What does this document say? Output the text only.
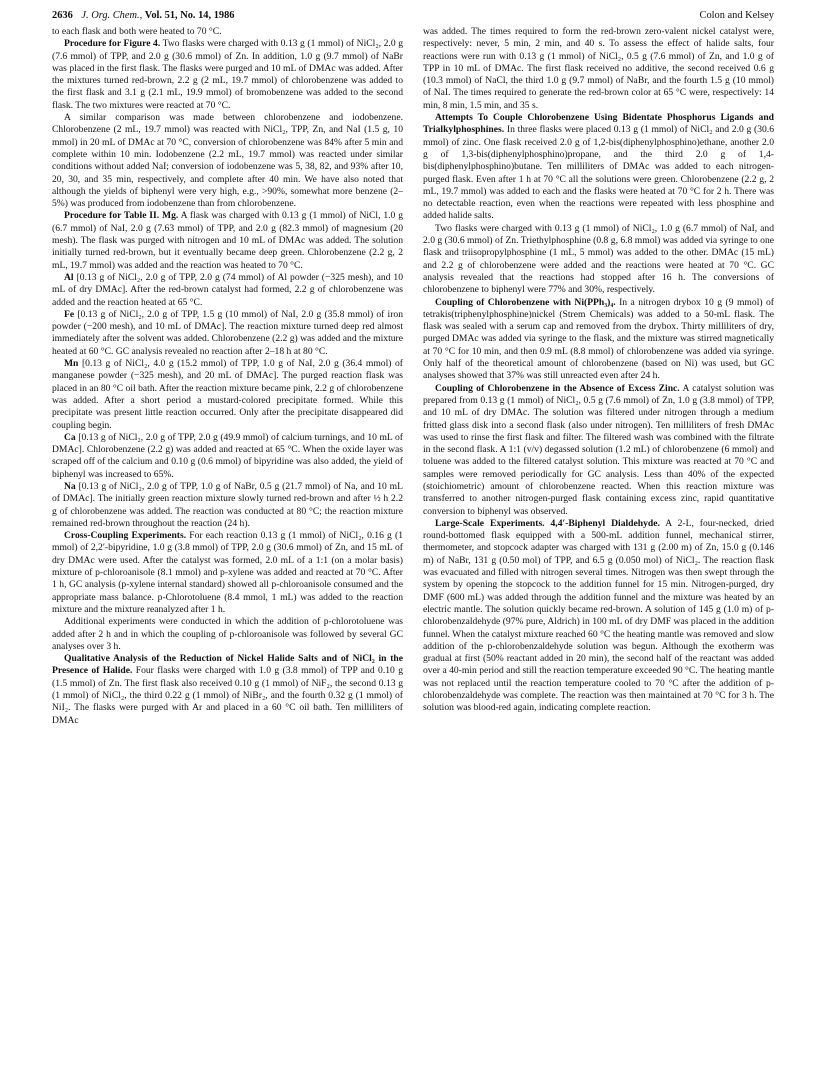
2636 J. Org. Chem., Vol. 51, No. 14, 1986	Colon and Kelsey

to each flask and both were heated to 70 °C.

Procedure for Figure 4. Two flasks were charged with 0.13 g (1 mmol) of NiCl₂, 2.0 g (7.6 mmol) of TPP, and 2.0 g (30.6 mmol) of Zn. In addition, 1.0 g (9.7 mmol) of NaBr was placed in the first flask. The flasks were purged and 10 mL of DMAc was added. After the mixtures turned red-brown, 2.2 g (2 mL, 19.7 mmol) of chlorobenzene was added to the first flask and 3.1 g (2.1 mL, 19.9 mmol) of bromobenzene was added to the second flask. The two mixtures were reacted at 70 °C.

A similar comparison was made between chlorobenzene and iodobenzene. Chlorobenzene (2 mL, 19.7 mmol) was reacted with NiCl₂, TPP, Zn, and NaI (1.5 g, 10 mmol) in 20 mL of DMAc at 70 °C, conversion of chlorobenzene was 84% after 5 min and complete within 10 min. Iodobenzene (2.2 mL, 19.7 mmol) was reacted under similar conditions without added NaI; conversion of iodobenzene was 5, 38, 82, and 93% after 10, 20, 30, and 35 min, respectively, and complete after 40 min. We have also noted that although the yields of biphenyl were very high, e.g., >90%, somewhat more benzene (2–5%) was produced from iodobenzene than from chlorobenzene.

Procedure for Table II. Mg. A flask was charged with 0.13 g (1 mmol) of NiCl, 1.0 g (6.7 mmol) of NaI, 2.0 g (7.63 mmol) of TPP, and 2.0 g (82.3 mmol) of magnesium (20 mesh). The flask was purged with nitrogen and 10 mL of DMAc was added. The solution initially turned red-brown, but it eventually became deep green. Chlorobenzene (2.2 g, 2 mL, 19.7 mmol) was added and the reaction was heated to 70 °C.

Al [0.13 g of NiCl₂, 2.0 g of TPP, 2.0 g (74 mmol) of Al powder (−325 mesh), and 10 mL of dry DMAc]. After the red-brown catalyst had formed, 2.2 g of chlorobenzene was added and the reaction heated at 65 °C.

Fe [0.13 g of NiCl₂, 2.0 g of TPP, 1.5 g (10 mmol) of NaI, 2.0 g (35.8 mmol) of iron powder (−200 mesh), and 10 mL of DMAc]. The reaction mixture turned deep red almost immediately after the solvent was added. Chlorobenzene (2.2 g) was added and the mixture heated at 60 °C. GC analysis revealed no reaction after 2–18 h at 80 °C.

Mn [0.13 g of NiCl₂, 4.0 g (15.2 mmol) of TPP, 1.0 g of NaI, 2.0 g (36.4 mmol) of manganese powder (−325 mesh), and 20 mL of DMAc]. The purged reaction flask was placed in an 80 °C oil bath. After the reaction mixture became pink, 2.2 g of chlorobenzene was added. After a short period a mustard-colored precipitate formed. While this precipitate was present little reaction occurred. Only after the precipitate disappeared did coupling begin.

Ca [0.13 g of NiCl₂, 2.0 g of TPP, 2.0 g (49.9 mmol) of calcium turnings, and 10 mL of DMAc]. Chlorobenzene (2.2 g) was added and reacted at 65 °C. When the oxide layer was scraped off of the calcium and 0.10 g (0.6 mmol) of bipyridine was also added, the yield of biphenyl was increased to 65%.

Na [0.13 g of NiCl₂, 2.0 g of TPP, 1.0 g of NaBr, 0.5 g (21.7 mmol) of Na, and 10 mL of DMAc]. The initially green reaction mixture slowly turned red-brown and after ½ h 2.2 g of chlorobenzene was added. The reaction was conducted at 80 °C; the reaction mixture remained red-brown throughout the reaction (24 h).

Cross-Coupling Experiments. For each reaction 0.13 g (1 mmol) of NiCl₂, 0.16 g (1 mmol) of 2,2′-bipyridine, 1.0 g (3.8 mmol) of TPP, 2.0 g (30.6 mmol) of Zn, and 15 mL of dry DMAc were used. After the catalyst was formed, 2.0 mL of a 1:1 (on a molar basis) mixture of p-chloroanisole (8.1 mmol) and p-xylene was added and reacted at 70 °C. After 1 h, GC analysis (p-xylene internal standard) showed all p-chloroanisole consumed and the appropriate mass balance. p-Chlorotoluene (8.4 mmol, 1 mL) was added to the reaction mixture and the mixture reanalyzed after 1 h.

Additional experiments were conducted in which the addition of p-chlorotoluene was added after 2 h and in which the coupling of p-chloroanisole was followed by several GC analyses over 3 h.

Qualitative Analysis of the Reduction of Nickel Halide Salts and of NiCl₂ in the Presence of Halide. Four flasks were charged with 1.0 g (3.8 mmol) of TPP and 0.10 g (1.5 mmol) of Zn. The first flask also received 0.10 g (1 mmol) of NiF₂, the second 0.13 g (1 mmol) of NiCl₂, the third 0.22 g (1 mmol) of NiBr₂, and the fourth 0.32 g (1 mmol) of NiI₂. The flasks were purged with Ar and placed in a 60 °C oil bath. Ten milliliters of DMAc

was added. The times required to form the red-brown zero-valent nickel catalyst were, respectively: never, 5 min, 2 min, and 40 s. To assess the effect of halide salts, four reactions were run with 0.13 g (1 mmol) of NiCl₂, 0.5 g (7.6 mmol) of Zn, and 1.0 g of TPP in 10 mL of DMAc. The first flask received no additive, the second received 0.6 g (10.3 mmol) of NaCl, the third 1.0 g (9.7 mmol) of NaBr, and the fourth 1.5 g (10 mmol) of NaI. The times required to generate the red-brown color at 65 °C were, respectively: 14 min, 8 min, 1.5 min, and 35 s.

Attempts To Couple Chlorobenzene Using Bidentate Phosphorus Ligands and Trialkylphosphines. In three flasks were placed 0.13 g (1 mmol) of NiCl₂ and 2.0 g (30.6 mmol) of zinc. One flask received 2.0 g of 1,2-bis(diphenylphosphino)ethane, another 2.0 g of 1,3-bis(diphenylphosphino)propane, and the third 2.0 g of 1,4-bis(diphenylphosphino)butane. Ten milliliters of DMAc was added to each nitrogen-purged flask. Even after 1 h at 70 °C all the solutions were green. Chlorobenzene (2.2 g, 2 mL, 19.7 mmol) was added to each and the flasks were heated at 70 °C for 2 h. There was no detectable reaction, even when the reactions were repeated with less phosphine and added halide salts.

Two flasks were charged with 0.13 g (1 mmol) of NiCl₂, 1.0 g (6.7 mmol) of NaI, and 2.0 g (30.6 mmol) of Zn. Triethylphosphine (0.8 g, 6.8 mmol) was added via syringe to one flask and triisopropylphosphine (1 mL, 5 mmol) was added to the other. DMAc (15 mL) and 2.2 g of chlorobenzene were added and the reactions were heated at 70 °C. GC analysis revealed that the reactions had stopped after 16 h. The conversions of chlorobenzene to biphenyl were 77% and 30%, respectively.

Coupling of Chlorobenzene with Ni(PPh₃)₄. In a nitrogen drybox 10 g (9 mmol) of tetrakis(triphenylphosphine)nickel (Strem Chemicals) was added to a 50-mL flask. The flask was sealed with a serum cap and removed from the drybox. Thirty milliliters of dry, purged DMAc was added via syringe to the flask, and the mixture was stirred magnetically at 70 °C for 10 min, and then 0.9 mL (8.8 mmol) of chlorobenzene was added via syringe. Only half of the theoretical amount of chlorobenzene (based on Ni) was used, but GC analyses showed that 37% was still unreacted even after 24 h.

Coupling of Chlorobenzene in the Absence of Excess Zinc. A catalyst solution was prepared from 0.13 g (1 mmol) of NiCl₂, 0.5 g (7.6 mmol) of Zn, 1.0 g (3.8 mmol) of TPP, and 10 mL of dry DMAc. The solution was filtered under nitrogen through a medium fritted glass disk into a second flask (also under nitrogen). Ten milliliters of fresh DMAc was used to rinse the first flask and filter. The filtered wash was combined with the filtrate in the second flask. A 1:1 (v/v) degassed solution (1.2 mL) of chlorobenzene (6 mmol) and toluene was added to the filtered catalyst solution. This mixture was reacted at 70 °C and samples were removed periodically for GC analysis. Less than 40% of the expected (stoichiometric) amount of chlorobenzene reacted. When this reaction mixture was transferred to another nitrogen-purged flask containing excess zinc, rapid quantitative conversion to biphenyl was observed.

Large-Scale Experiments. 4,4′-Biphenyl Dialdehyde. A 2-L, four-necked, dried round-bottomed flask equipped with a 500-mL addition funnel, mechanical stirrer, thermometer, and stopcock adapter was charged with 131 g (2.00 m) of Zn, 15.0 g (0.146 m) of NaBr, 131 g (0.50 mol) of TPP, and 6.5 g (0.050 mol) of NiCl₂. The reaction flask was evacuated and filled with nitrogen several times. Nitrogen was then swept through the system by opening the stopcock to the addition funnel for 15 min. Nitrogen-purged, dry DMF (600 mL) was added through the addition funnel and the mixture was heated by an electric mantle. The solution quickly became red-brown. A solution of 145 g (1.0 m) of p-chlorobenzaldehyde (97% pure, Aldrich) in 100 mL of dry DMF was placed in the addition funnel. When the catalyst mixture reached 60 °C the heating mantle was removed and slow addition of the p-chlorobenzaldehyde solution was begun. Although the exotherm was gradual at first (50% reactant added in 20 min), the second half of the reactant was added over a 40-min period and still the reaction temperature exceeded 90 °C. The heating mantle was not replaced until the reaction temperature cooled to 70 °C after the addition of p-chlorobenzaldehyde was complete. The reaction was then maintained at 70 °C for 3 h. The solution was blood-red again, indicating complete reaction.
